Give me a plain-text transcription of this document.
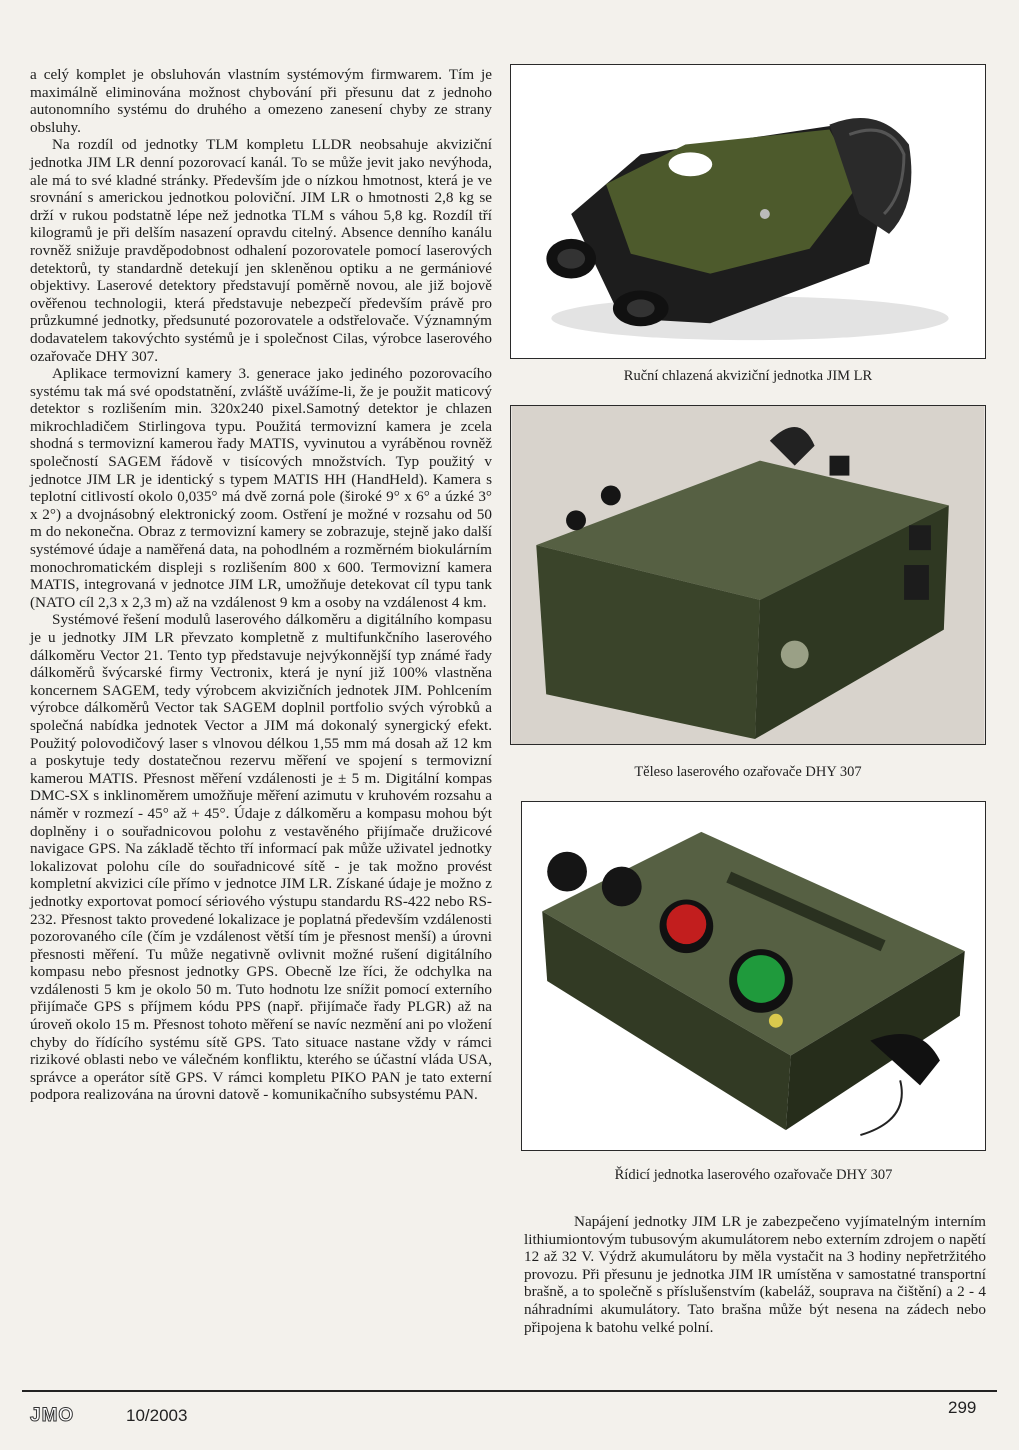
a celý komplet je obsluhován vlastním systémovým firmwarem. Tím je maximálně eliminována možnost chybování při přesunu dat z jednoho autonomního systému do druhého a omezeno zanesení chyby ze strany obsluhy.

Na rozdíl od jednotky TLM kompletu LLDR neobsahuje akviziční jednotka JIM LR denní pozorovací kanál. To se může jevit jako nevýhoda, ale má to své kladné stránky. Především jde o nízkou hmotnost, která je ve srovnání s americkou jednotkou poloviční. JIM LR o hmotnosti 2,8 kg se drží v rukou podstatně lépe než jednotka TLM s váhou 5,8 kg. Rozdíl tří kilogramů je při delším nasazení opravdu citelný. Absence denního kanálu rovněž snižuje pravděpodobnost odhalení pozorovatele pomocí laserových detektorů, ty standardně detekují jen skleněnou optiku a ne germániové objektivy. Laserové detektory představují poměrně novou, ale již bojově ověřenou technologii, která představuje nebezpečí především právě pro průzkumné jednotky, předsunuté pozorovatele a odstřelovače. Významným dodavatelem takovýchto systémů je i společnost Cilas, výrobce laserového ozařovače DHY 307.

Aplikace termovizní kamery 3. generace jako jediného pozorovacího systému tak má své opodstatnění, zvláště uvážíme-li, že je použit maticový detektor s rozlišením min. 320x240 pixel.Samotný detektor je chlazen mikrochladičem Stirlingova typu. Použitá termovizní kamera je zcela shodná s termovizní kamerou řady MATIS, vyvinutou a vyráběnou rovněž společností SAGEM řádově v tisícových množstvích. Typ použitý v jednotce JIM LR je identický s typem MATIS HH (HandHeld). Kamera s teplotní citlivostí okolo 0,035° má dvě zorná pole (široké 9° x 6° a úzké 3° x 2°) a dvojnásobný elektronický zoom. Ostření je možné v rozsahu od 50 m do nekonečna. Obraz z termovizní kamery se zobrazuje, stejně jako další systémové údaje a naměřená data, na pohodlném a rozměrném biokulárním monochromatickém displeji s rozlišením 800 x 600. Termovizní kamera MATIS, integrovaná v jednotce JIM LR, umožňuje detekovat cíl typu tank (NATO cíl 2,3 x 2,3 m) až na vzdálenost 9 km a osoby na vzdálenost 4 km.

Systémové řešení modulů laserového dálkoměru a digitálního kompasu je u jednotky JIM LR převzato kompletně z multifunkčního laserového dálkoměru Vector 21. Tento typ představuje nejvýkonnější typ známé řady dálkoměrů švýcarské firmy Vectronix, která je nyní již 100% vlastněna koncernem SAGEM, tedy výrobcem akvizičních jednotek JIM. Pohlcením výrobce dálkoměrů Vector tak SAGEM doplnil portfolio svých výrobků a společná nabídka jednotek Vector a JIM má dokonalý synergický efekt. Použitý polovodičový laser s vlnovou délkou 1,55 mm má dosah až 12 km a poskytuje tedy dostatečnou rezervu měření ve spojení s termovizní kamerou MATIS. Přesnost měření vzdálenosti je ± 5 m. Digitální kompas DMC-SX s inklinoměrem umožňuje měření azimutu v kruhovém rozsahu a náměr v rozmezí - 45° až + 45°. Údaje z dálkoměru a kompasu mohou být doplněny i o souřadnicovou polohu z vestavěného přijímače družicové navigace GPS. Na základě těchto tří informací pak může uživatel jednotky lokalizovat polohu cíle do souřadnicové sítě - je tak možno provést kompletní akvizici cíle přímo v jednotce JIM LR. Získané údaje je možno z jednotky exportovat pomocí sériového výstupu standardu RS-422 nebo RS-232. Přesnost takto provedené lokalizace je poplatná především vzdálenosti pozorovaného cíle (čím je vzdálenost větší tím je přesnost menší) a úrovni přesnosti měření. Tu může negativně ovlivnit možné rušení digitálního kompasu nebo přesnost jednotky GPS. Obecně lze říci, že odchylka na vzdálenosti 5 km je okolo 50 m. Tuto hodnotu lze snížit pomocí externího přijímače GPS s příjmem kódu PPS (např. přijímače řady PLGR) až na úroveň okolo 15 m. Přesnost tohoto měření se navíc nezmění ani po vložení chyby do řídícího systému sítě GPS. Tato situace nastane vždy v rámci rizikové oblasti nebo ve válečném konfliktu, kterého se účastní vláda USA, správce a operátor sítě GPS. V rámci kompletu PIKO PAN je tato externí podpora realizována na úrovni datově - komunikačního subsystému PAN.

Ruční chlazená akviziční jednotka JIM LR
Těleso laserového ozařovače DHY 307
Řídicí jednotka laserového ozařovače DHY 307

Napájení jednotky JIM LR je zabezpečeno vyjímatelným interním lithiumiontovým tubusovým akumulátorem nebo externím zdrojem o napětí 12 až 32 V. Výdrž akumulátoru by měla vystačit na 3 hodiny nepřetržitého provozu. Při přesunu je jednotka JIM lR umístěna v samostatné transportní brašně, a to společně s příslušenstvím (kabeláž, souprava na čištění) a 2 - 4 náhradními akumulátory. Tato brašna může být nesena na zádech nebo připojena k batohu velké polní.

JMO	10/2003	299
